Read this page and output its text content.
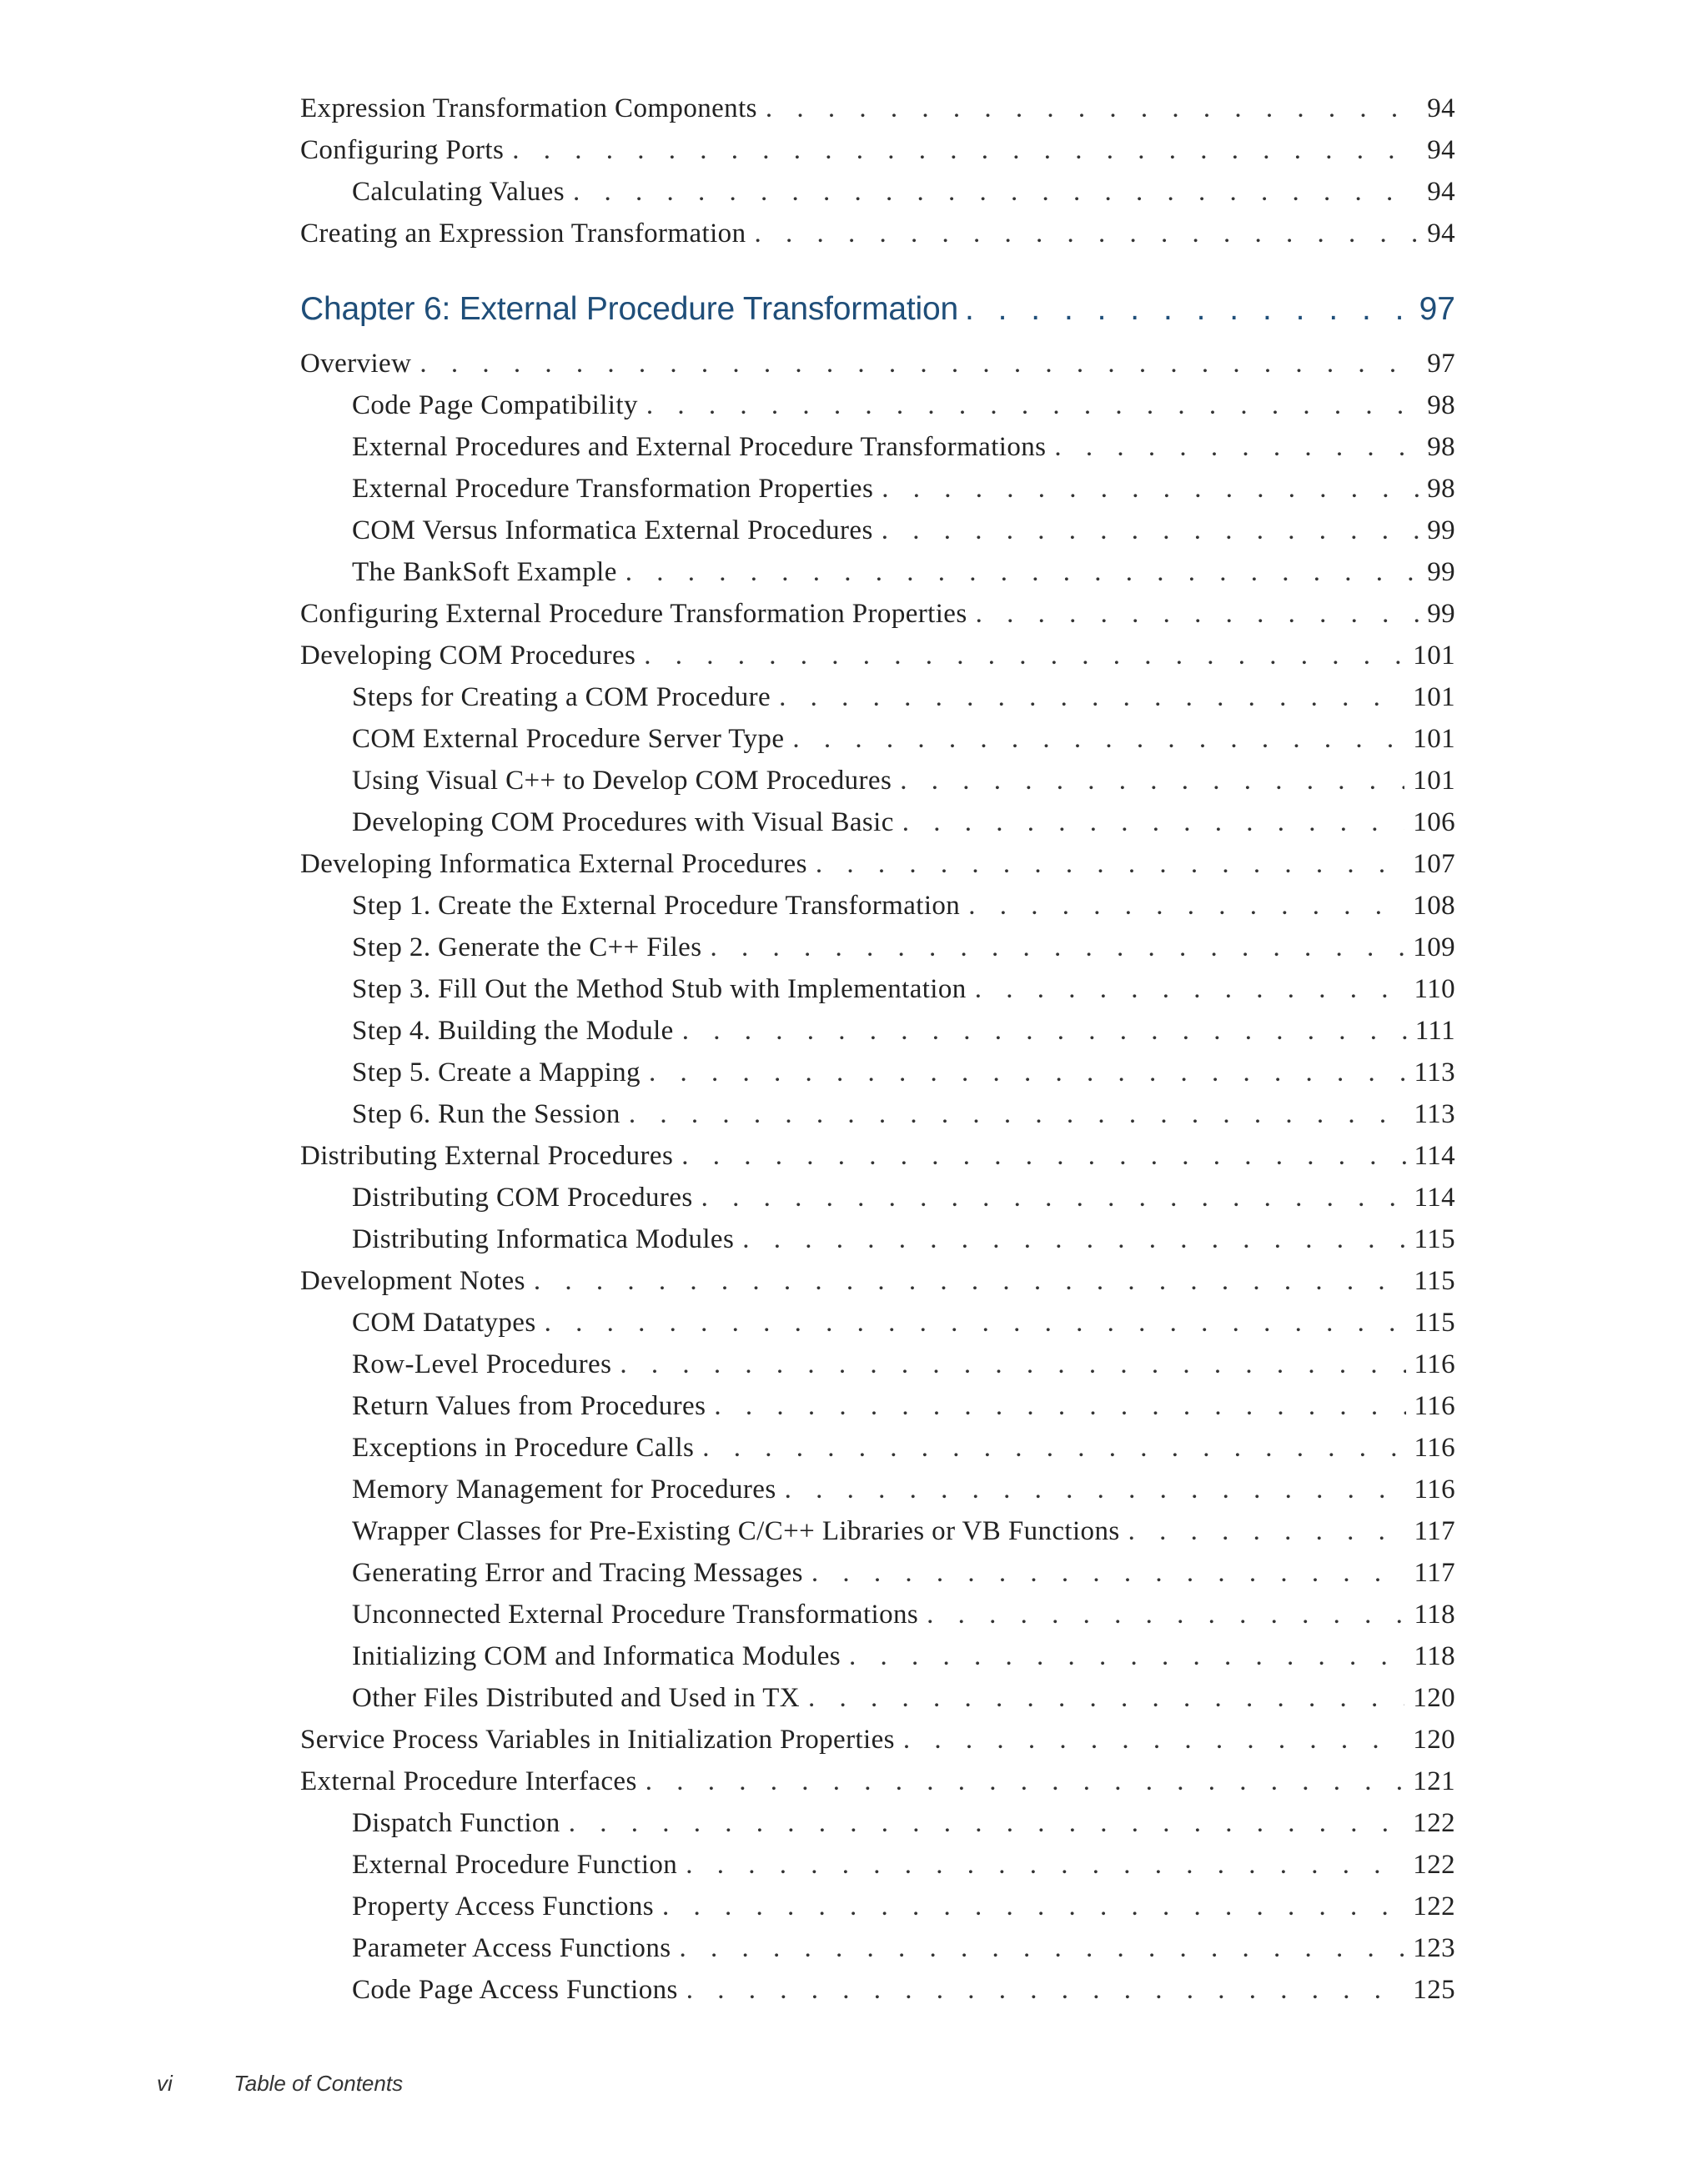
Expression Transformation Components . . .	94
Configuring Ports . . .	94
Calculating Values . . .	94
Creating an Expression Transformation . . .	94
Chapter 6: External Procedure Transformation . . .	97
Overview . . .	97
Code Page Compatibility . . .	98
External Procedures and External Procedure Transformations . . .	98
External Procedure Transformation Properties . . .	98
COM Versus Informatica External Procedures . . .	99
The BankSoft Example . . .	99
Configuring External Procedure Transformation Properties . . .	99
Developing COM Procedures . . .	101
Steps for Creating a COM Procedure . . .	101
COM External Procedure Server Type . . .	101
Using Visual C++ to Develop COM Procedures . . .	101
Developing COM Procedures with Visual Basic . . .	106
Developing Informatica External Procedures . . .	107
Step 1. Create the External Procedure Transformation . . .	108
Step 2. Generate the C++ Files . . .	109
Step 3. Fill Out the Method Stub with Implementation . . .	110
Step 4. Building the Module . . .	111
Step 5. Create a Mapping . . .	113
Step 6. Run the Session . . .	113
Distributing External Procedures . . .	114
Distributing COM Procedures . . .	114
Distributing Informatica Modules . . .	115
Development Notes . . .	115
COM Datatypes . . .	115
Row-Level Procedures . . .	116
Return Values from Procedures . . .	116
Exceptions in Procedure Calls . . .	116
Memory Management for Procedures . . .	116
Wrapper Classes for Pre-Existing C/C++ Libraries or VB Functions . . .	117
Generating Error and Tracing Messages . . .	117
Unconnected External Procedure Transformations . . .	118
Initializing COM and Informatica Modules . . .	118
Other Files Distributed and Used in TX . . .	120
Service Process Variables in Initialization Properties . . .	120
External Procedure Interfaces . . .	121
Dispatch Function . . .	122
External Procedure Function . . .	122
Property Access Functions . . .	122
Parameter Access Functions . . .	123
Code Page Access Functions . . .	125
vi	Table of Contents
